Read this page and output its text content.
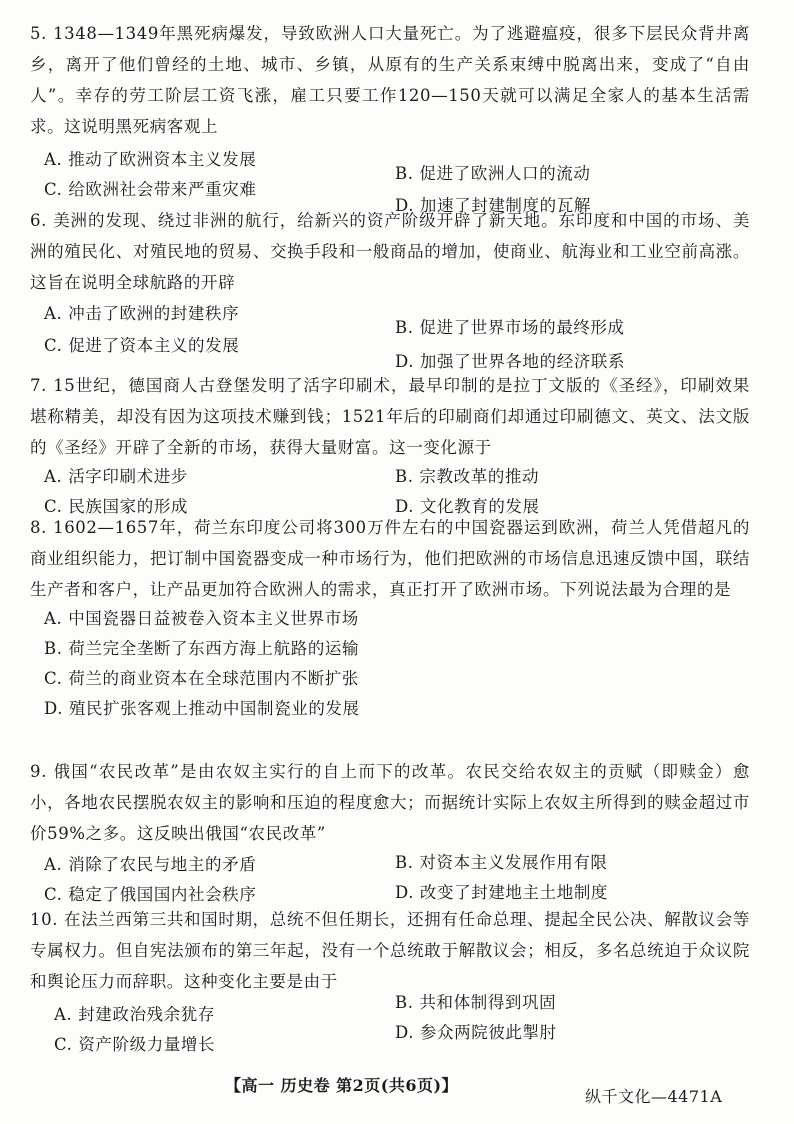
5. 1348—1349年黑死病爆发，导致欧洲人口大量死亡。为了逃避瘟疫，很多下层民众背井离乡，离开了他们曾经的土地、城市、乡镇，从原有的生产关系束缚中脱离出来，变成了“自由人”。幸存的劳工阶层工资飞涨，雇工只要工作120—150天就可以满足全家人的基本生活需求。这说明黑死病客观上

A. 推动了欧洲资本主义发展
B. 促进了欧洲人口的流动
C. 给欧洲社会带来严重灾难
D. 加速了封建制度的瓦解

6. 美洲的发现、绕过非洲的航行，给新兴的资产阶级开辟了新天地。东印度和中国的市场、美洲的殖民化、对殖民地的贸易、交换手段和一般商品的增加，使商业、航海业和工业空前高涨。这旨在说明全球航路的开辟

A. 冲击了欧洲的封建秩序
B. 促进了世界市场的最终形成
C. 促进了资本主义的发展
D. 加强了世界各地的经济联系

7. 15世纪，德国商人古登堡发明了活字印刷术，最早印制的是拉丁文版的《圣经》，印刷效果堪称精美，却没有因为这项技术赚到钱；1521年后的印刷商们却通过印刷德文、英文、法文版的《圣经》开辟了全新的市场，获得大量财富。这一变化源于

A. 活字印刷术进步	B. 宗教改革的推动
C. 民族国家的形成	D. 文化教育的发展

8. 1602—1657年，荷兰东印度公司将300万件左右的中国瓷器运到欧洲，荷兰人凭借超凡的商业组织能力，把订制中国瓷器变成一种市场行为，他们把欧洲的市场信息迅速反馈中国，联结生产者和客户，让产品更加符合欧洲人的需求，真正打开了欧洲市场。下列说法最为合理的是

A. 中国瓷器日益被卷入资本主义世界市场
B. 荷兰完全垄断了东西方海上航路的运输
C. 荷兰的商业资本在全球范围内不断扩张
D. 殖民扩张客观上推动中国制瓷业的发展

9. 俄国“农民改革”是由农奴主实行的自上而下的改革。农民交给农奴主的贡赋（即赎金）愈小，各地农民摆脱农奴主的影响和压迫的程度愈大；而据统计实际上农奴主所得到的赎金超过市价59%之多。这反映出俄国“农民改革”

A. 消除了农民与地主的矛盾	B. 对资本主义发展作用有限
C. 稳定了俄国国内社会秩序	D. 改变了封建地主土地制度

10. 在法兰西第三共和国时期，总统不但任期长，还拥有任命总理、提起全民公决、解散议会等专属权力。但自宪法颁布的第三年起，没有一个总统敢于解散议会；相反，多名总统迫于众议院和舆论压力而辞职。这种变化主要是由于

A. 封建政治残余犹存
B. 共和体制得到巩固
C. 资产阶级力量增长
D. 参众两院彼此掣肘
【高一 历史卷 第2页(共6页)】
纵千文化—4471A
